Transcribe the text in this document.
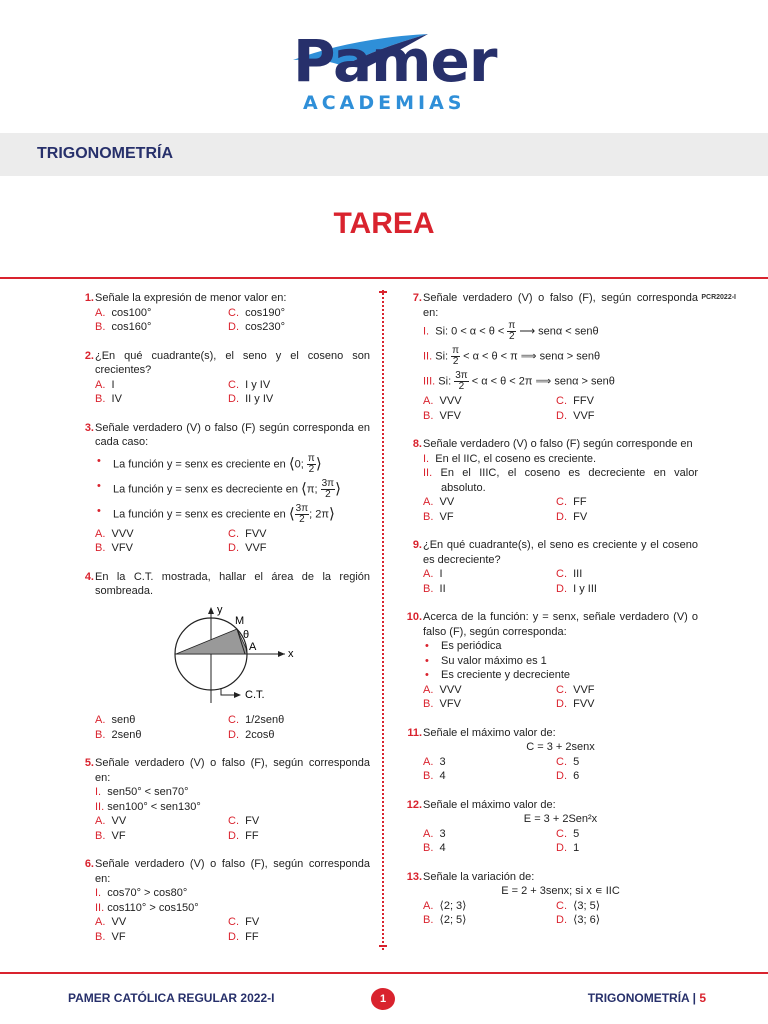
Pamer
ACADEMIAS
TRIGONOMETRÍA
TAREA
PCR2022-I
1. Señale la expresión de menor valor en:
A. cos100°	C. cos190°
B. cos160°	D. cos230°
2. ¿En qué cuadrante(s), el seno y el coseno son crecientes?
A. I	C. I y IV
B. IV	D. II y IV
3. Señale verdadero (V) o falso (F) según corresponda en cada caso:
• La función y = senx es creciente en ⟨0; $\frac{\pi}{2}$ ⟩
• La función y = senx es decreciente en ⟨π; $\frac{3\pi}{2}$ ⟩
• La función y = senx es creciente en ⟨ $\frac{3\pi}{2}$ ; 2π⟩
A. VVV	C. FVV
B. VFV	D. VVF
4. En la C.T. mostrada, hallar el área de la región sombreada.
y
x
M
θ
A
C.T.
A. senθ	C. 1/2senθ
B. 2senθ	D. 2cosθ
5. Señale verdadero (V) o falso (F), según corresponda en:
I. sen50° < sen70°
II. sen100° < sen130°
A. VV	C. FV
B. VF	D. FF
6. Señale verdadero (V) o falso (F), según corresponda en:
I. cos70° > cos80°
II. cos110° > cos150°
A. VV	C. FV
B. VF	D. FF
7. Señale verdadero (V) o falso (F), según corresponda en:
I. Si: $0 < \alpha < \theta < \frac{\pi}{2}$ ⟶ senα < senθ
II. Si: $\frac{\pi}{2} < \alpha < \theta < \pi$ ⟹ senα > senθ
III. Si: $\frac{3\pi}{2} < \alpha < \theta < 2\pi$ ⟹ senα > senθ
A. VVV	C. FFV
B. VFV	D. VVF
8. Señale verdadero (V) o falso (F) según corresponde en
I. En el IIC, el coseno es creciente.
II. En el IIIC, el coseno es decreciente en valor absoluto.
A. VV	C. FF
B. VF	D. FV
9. ¿En qué cuadrante(s), el seno es creciente y el coseno es decreciente?
A. I	C. III
B. II	D. I y III
10. Acerca de la función: y = senx, señale verdadero (V) o falso (F), según corresponda:
• Es periódica
• Su valor máximo es 1
• Es creciente y decreciente
A. VVV	C. VVF
B. VFV	D. FVV
11. Señale el máximo valor de:
C = 3 + 2senx
A. 3	C. 5
B. 4	D. 6
12. Señale el máximo valor de:
E = 3 + 2Sen²x
A. 3	C. 5
B. 4	D. 1
13. Señale la variación de:
E = 2 + 3senx; si x ∊ IIC
A. ⟨2; 3⟩	C. ⟨3; 5⟩
B. ⟨2; 5⟩	D. ⟨3; 6⟩
PAMER CATÓLICA REGULAR 2022-I	1	TRIGONOMETRÍA | 5
